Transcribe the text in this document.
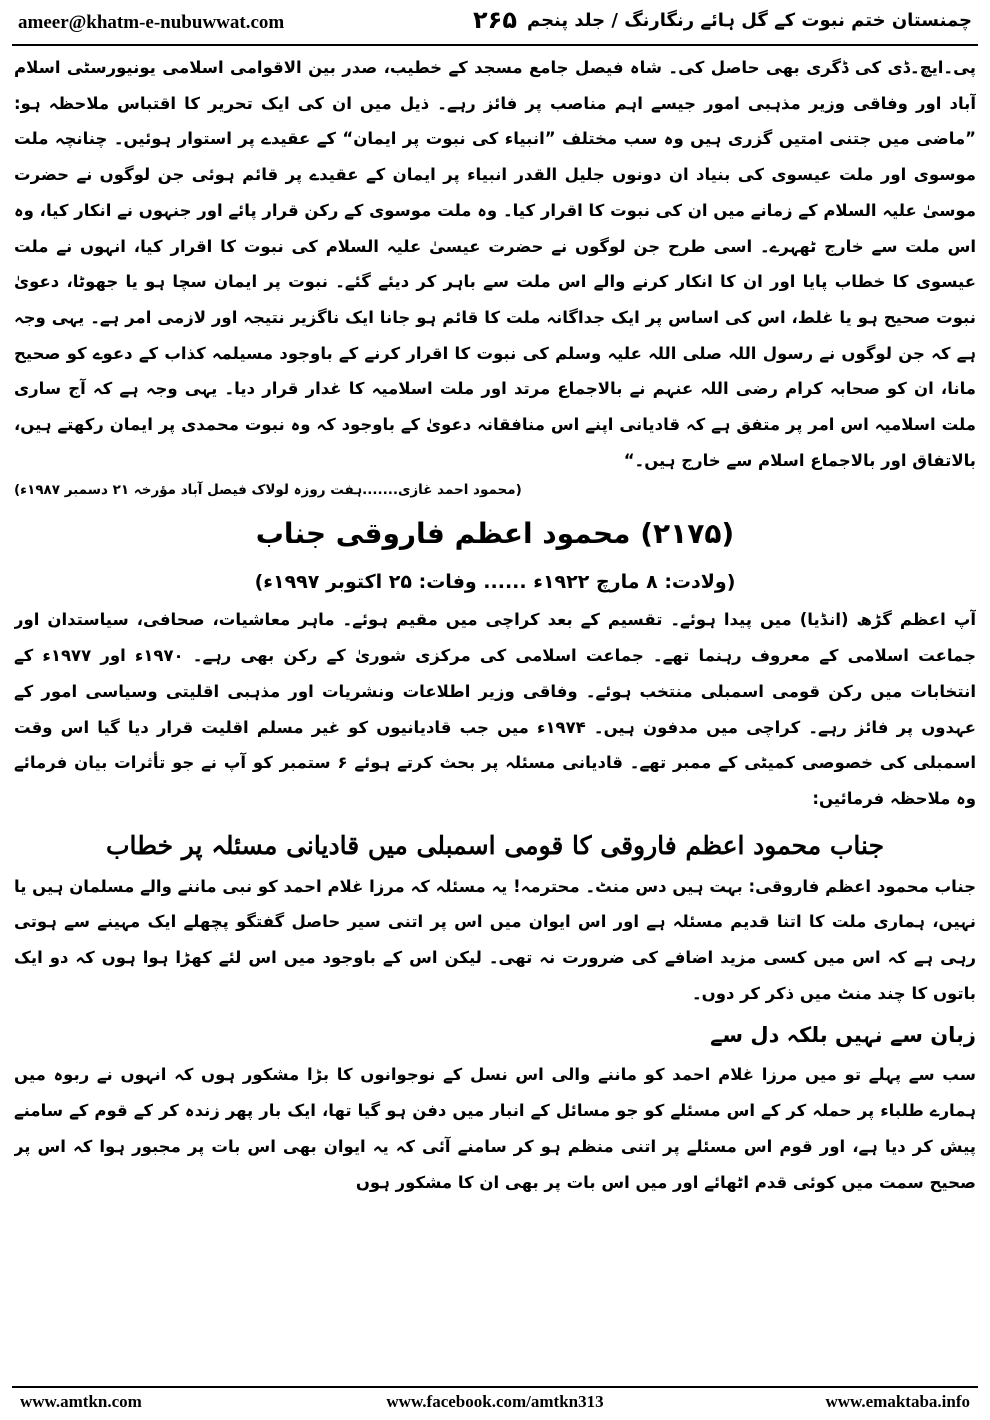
ameer@khatm-e-nubuwwat.com	۲۶۵ چمنستان ختم نبوت کے گل ہائے رنگارنگ / جلد پنجم

پی۔ایچ۔ڈی کی ڈگری بھی حاصل کی۔ شاہ فیصل جامع مسجد کے خطیب، صدر بین الاقوامی اسلامی یونیورسٹی اسلام آباد اور وفاقی وزیر مذہبی امور جیسے اہم مناصب پر فائز رہے۔ ذیل میں ان کی ایک تحریر کا اقتباس ملاحظہ ہو: ”ماضی میں جتنی امتیں گزری ہیں وہ سب مختلف ”انبیاء کی نبوت پر ایمان“ کے عقیدے پر استوار ہوئیں۔ چنانچہ ملت موسوی اور ملت عیسوی کی بنیاد ان دونوں جلیل القدر انبیاء پر ایمان کے عقیدے پر قائم ہوئی جن لوگوں نے حضرت موسیٰ علیہ السلام کے زمانے میں ان کی نبوت کا اقرار کیا۔ وہ ملت موسوی کے رکن قرار پائے اور جنہوں نے انکار کیا، وہ اس ملت سے خارج ٹھہرے۔ اسی طرح جن لوگوں نے حضرت عیسیٰ علیہ السلام کی نبوت کا اقرار کیا، انہوں نے ملت عیسوی کا خطاب پایا اور ان کا انکار کرنے والے اس ملت سے باہر کر دیئے گئے۔ نبوت پر ایمان سچا ہو یا جھوٹا، دعویٰ نبوت صحیح ہو یا غلط، اس کی اساس پر ایک جداگانہ ملت کا قائم ہو جانا ایک ناگزیر نتیجہ اور لازمی امر ہے۔ یہی وجہ ہے کہ جن لوگوں نے رسول اللہ صلی اللہ علیہ وسلم کی نبوت کا اقرار کرنے کے باوجود مسیلمہ کذاب کے دعوے کو صحیح مانا، ان کو صحابہ کرام رضی اللہ عنہم نے بالاجماع مرتد اور ملت اسلامیہ کا غدار قرار دیا۔ یہی وجہ ہے کہ آج ساری ملت اسلامیہ اس امر پر متفق ہے کہ قادیانی اپنے اس منافقانہ دعویٰ کے باوجود کہ وہ نبوت محمدی پر ایمان رکھتے ہیں، بالاتفاق اور بالاجماع اسلام سے خارج ہیں۔“

(محمود احمد غازی.......ہفت روزہ لولاک فیصل آباد مؤرخہ ۲۱ دسمبر ۱۹۸۷ء)

(۲۱۷۵) محمود اعظم فاروقی جناب

(ولادت: ۸ مارچ ۱۹۲۲ء ...... وفات: ۲۵ اکتوبر ۱۹۹۷ء)

آپ اعظم گڑھ (انڈیا) میں پیدا ہوئے۔ تقسیم کے بعد کراچی میں مقیم ہوئے۔ ماہر معاشیات، صحافی، سیاستدان اور جماعت اسلامی کے معروف رہنما تھے۔ جماعت اسلامی کی مرکزی شوریٰ کے رکن بھی رہے۔ ۱۹۷۰ء اور ۱۹۷۷ء کے انتخابات میں رکن قومی اسمبلی منتخب ہوئے۔ وفاقی وزیر اطلاعات ونشریات اور مذہبی اقلیتی وسیاسی امور کے عہدوں پر فائز رہے۔ کراچی میں مدفون ہیں۔ ۱۹۷۴ء میں جب قادیانیوں کو غیر مسلم اقلیت قرار دیا گیا اس وقت اسمبلی کی خصوصی کمیٹی کے ممبر تھے۔ قادیانی مسئلہ پر بحث کرتے ہوئے ۶ ستمبر کو آپ نے جو تأثرات بیان فرمائے وہ ملاحظہ فرمائیں:

جناب محمود اعظم فاروقی کا قومی اسمبلی میں قادیانی مسئلہ پر خطاب

جناب محمود اعظم فاروقی: بہت ہیں دس منٹ۔ محترمہ! یہ مسئلہ کہ مرزا غلام احمد کو نبی ماننے والے مسلمان ہیں یا نہیں، ہماری ملت کا اتنا قدیم مسئلہ ہے اور اس ایوان میں اس پر اتنی سیر حاصل گفتگو پچھلے ایک مہینے سے ہوتی رہی ہے کہ اس میں کسی مزید اضافے کی ضرورت نہ تھی۔ لیکن اس کے باوجود میں اس لئے کھڑا ہوا ہوں کہ دو ایک باتوں کا چند منٹ میں ذکر کر دوں۔

زبان سے نہیں بلکہ دل سے

سب سے پہلے تو میں مرزا غلام احمد کو ماننے والی اس نسل کے نوجوانوں کا بڑا مشکور ہوں کہ انہوں نے ربوہ میں ہمارے طلباء پر حملہ کر کے اس مسئلے کو جو مسائل کے انبار میں دفن ہو گیا تھا، ایک بار پھر زندہ کر کے قوم کے سامنے پیش کر دیا ہے، اور قوم اس مسئلے پر اتنی منظم ہو کر سامنے آئی کہ یہ ایوان بھی اس بات پر مجبور ہوا کہ اس پر صحیح سمت میں کوئی قدم اٹھائے اور میں اس بات پر بھی ان کا مشکور ہوں

www.amtkn.com	www.facebook.com/amtkn313	www.emaktaba.info
